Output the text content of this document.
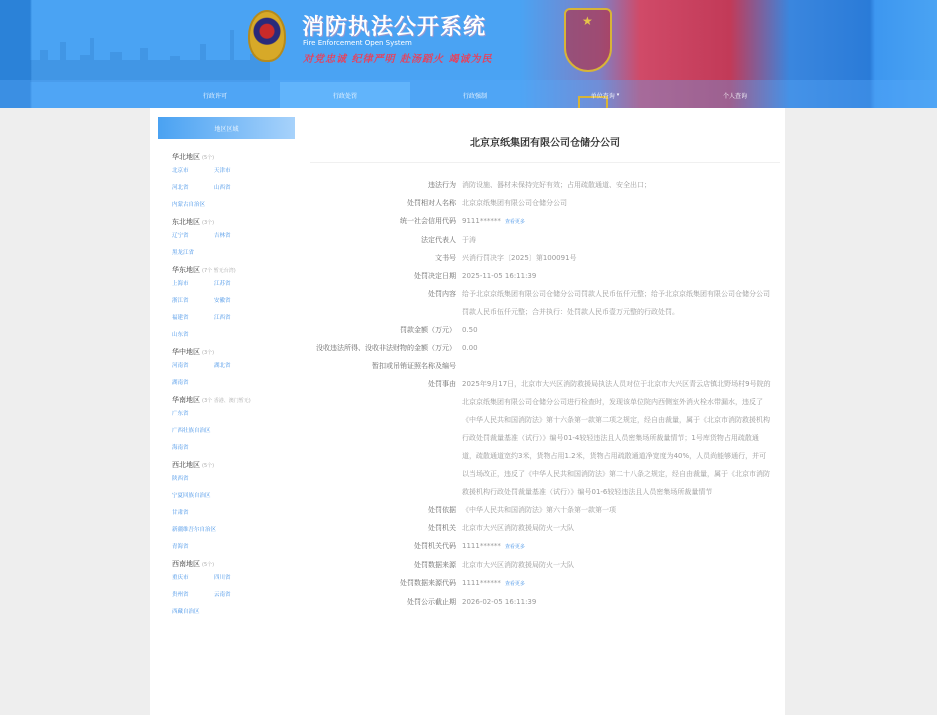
消防执法公开系统
Fire Enforcement Open System
对党忠诚 纪律严明 赴汤蹈火 竭诚为民
★
行政许可	行政处罚	行政强制	单位查询 ▾	个人查询
地区区域
华北地区 (5个)
北京市	天津市
河北省	山西省
内蒙古自治区
东北地区 (3个)
辽宁省	吉林省
黑龙江省
华东地区 (7个 暂无台湾)
上海市	江苏省
浙江省	安徽省
福建省	江西省
山东省
华中地区 (3个)
河南省	湖北省
湖南省
华南地区 (3个 香港、澳门暂无)
广东省
广西壮族自治区
海南省
西北地区 (5个)
陕西省
宁夏回族自治区
甘肃省
新疆维吾尔自治区
青海省
西南地区 (5个)
重庆市	四川省
贵州省	云南省
西藏自治区
北京京纸集团有限公司仓储分公司
违法行为 消防设施、器材未保持完好有效；占用疏散通道、安全出口；
处罚相对人名称 北京京纸集团有限公司仓储分公司
统一社会信用代码 9111****** 查看更多
法定代表人 于涛
文书号 兴消行罚决字〔2025〕第100091号
处罚决定日期 2025-11-05 16:11:39
处罚内容 给予北京京纸集团有限公司仓储分公司罚款人民币伍仟元整；给予北京京纸集团有限公司仓储分公司罚款人民币伍仟元整；合并执行：处罚款人民币壹万元整的行政处罚。
罚款金额（万元） 0.50
没收违法所得、没收非法财物的金额（万元） 0.00
暂扣或吊销证照名称及编号
处罚事由 2025年9月17日，北京市大兴区消防救援局执法人员对位于北京市大兴区青云店镇北野场村9号院的北京京纸集团有限公司仓储分公司进行检查时，发现该单位院内西侧室外消火栓水带漏水，违反了《中华人民共和国消防法》第十六条第一款第二项之规定，经自由裁量，属于《北京市消防救援机构行政处罚裁量基准（试行）》编号01-4较轻违法且人员密集场所裁量情节；1号库货物占用疏散通道，疏散通道宽约3米，货物占用1.2米，货物占用疏散通道净宽度为40%，人员尚能够通行，并可以当场改正，违反了《中华人民共和国消防法》第二十八条之规定，经自由裁量，属于《北京市消防救援机构行政处罚裁量基准（试行）》编号01-6较轻违法且人员密集场所裁量情节
处罚依据 《中华人民共和国消防法》第六十条第一款第一项
处罚机关 北京市大兴区消防救援局防火一大队
处罚机关代码 1111****** 查看更多
处罚数据来源 北京市大兴区消防救援局防火一大队
处罚数据来源代码 1111****** 查看更多
处罚公示截止期 2026-02-05 16:11:39
